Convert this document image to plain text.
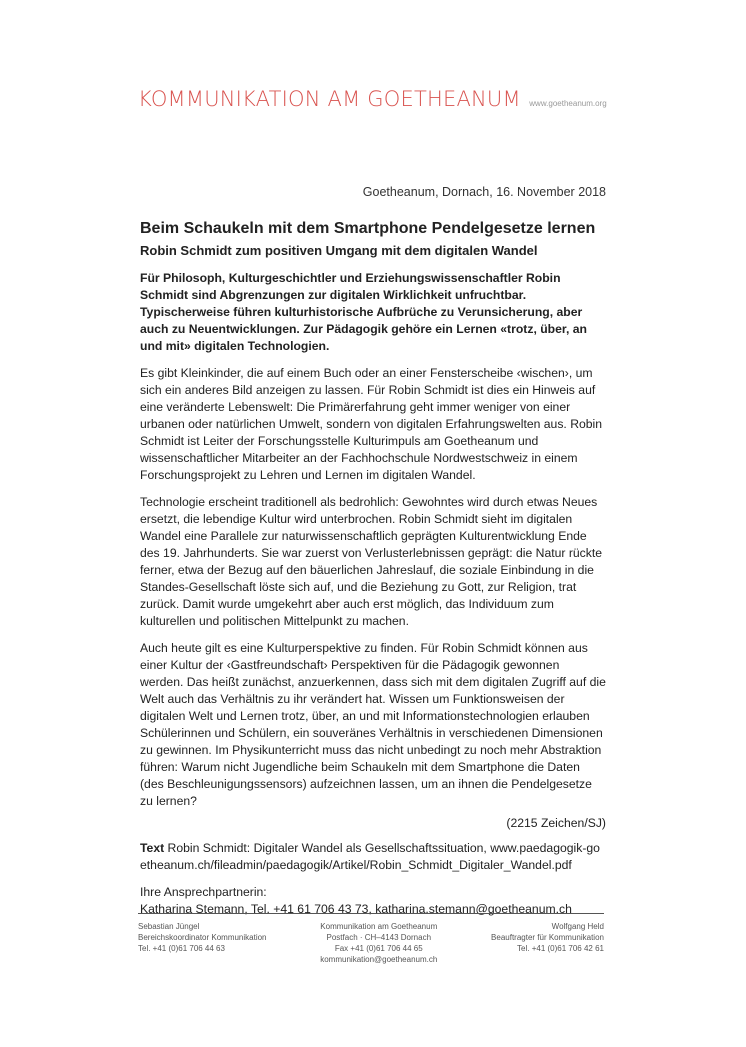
KOMMUNIKATION AM GOETHEANUM www.goetheanum.org
Goetheanum, Dornach, 16. November 2018
Beim Schaukeln mit dem Smartphone Pendelgesetze lernen
Robin Schmidt zum positiven Umgang mit dem digitalen Wandel

Für Philosoph, Kulturgeschichtler und Erziehungswissenschaftler Robin Schmidt sind Abgrenzungen zur digitalen Wirklichkeit unfruchtbar. Typischerweise führen kulturhistorische Aufbrüche zu Verunsicherung, aber auch zu Neuentwicklungen. Zur Pädagogik gehöre ein Lernen «trotz, über, an und mit» digitalen Technologien.

Es gibt Kleinkinder, die auf einem Buch oder an einer Fensterscheibe ‹wischen›, um sich ein anderes Bild anzeigen zu lassen. Für Robin Schmidt ist dies ein Hinweis auf eine veränderte Lebenswelt: Die Primärerfahrung geht immer weniger von einer urbanen oder natürlichen Umwelt, sondern von digitalen Erfahrungswelten aus. Robin Schmidt ist Leiter der Forschungsstelle Kulturimpuls am Goetheanum und wissenschaftlicher Mitarbeiter an der Fachhochschule Nordwestschweiz in einem Forschungsprojekt zu Lehren und Lernen im digitalen Wandel.

Technologie erscheint traditionell als bedrohlich: Gewohntes wird durch etwas Neues ersetzt, die lebendige Kultur wird unterbrochen. Robin Schmidt sieht im digitalen Wandel eine Parallele zur naturwissenschaftlich geprägten Kulturentwicklung Ende des 19. Jahrhunderts. Sie war zuerst von Verlusterlebnissen geprägt: die Natur rückte ferner, etwa der Bezug auf den bäuerlichen Jahreslauf, die soziale Einbindung in die Standes-Gesellschaft löste sich auf, und die Beziehung zu Gott, zur Religion, trat zurück. Damit wurde umgekehrt aber auch erst möglich, das Individuum zum kulturellen und politischen Mittelpunkt zu machen.

Auch heute gilt es eine Kulturperspektive zu finden. Für Robin Schmidt können aus einer Kultur der ‹Gastfreundschaft› Perspektiven für die Pädagogik gewonnen werden. Das heißt zunächst, anzuerkennen, dass sich mit dem digitalen Zugriff auf die Welt auch das Verhältnis zu ihr verändert hat. Wissen um Funktionsweisen der digitalen Welt und Lernen trotz, über, an und mit Informationstechnologien erlauben Schülerinnen und Schülern, ein souveränes Verhältnis in verschiedenen Dimensionen zu gewinnen. Im Physikunterricht muss das nicht unbedingt zu noch mehr Abstraktion führen: Warum nicht Jugendliche beim Schaukeln mit dem Smartphone die Daten (des Beschleunigungssensors) aufzeichnen lassen, um an ihnen die Pendelgesetze zu lernen?

(2215 Zeichen/SJ)

Text Robin Schmidt: Digitaler Wandel als Gesellschaftssituation, www.paedagogik-goetheanum.ch/fileadmin/paedagogik/Artikel/Robin_Schmidt_Digitaler_Wandel.pdf

Ihre Ansprechpartnerin:

Katharina Stemann, Tel. +41 61 706 43 73, katharina.stemann@goetheanum.ch

Sebastian Jüngel
Bereichskoordinator Kommunikation
Tel. +41 (0)61 706 44 63
Kommunikation am Goetheanum
Postfach · CH–4143 Dornach
Fax +41 (0)61 706 44 65
kommunikation@goetheanum.ch
Wolfgang Held
Beauftragter für Kommunikation
Tel. +41 (0)61 706 42 61
